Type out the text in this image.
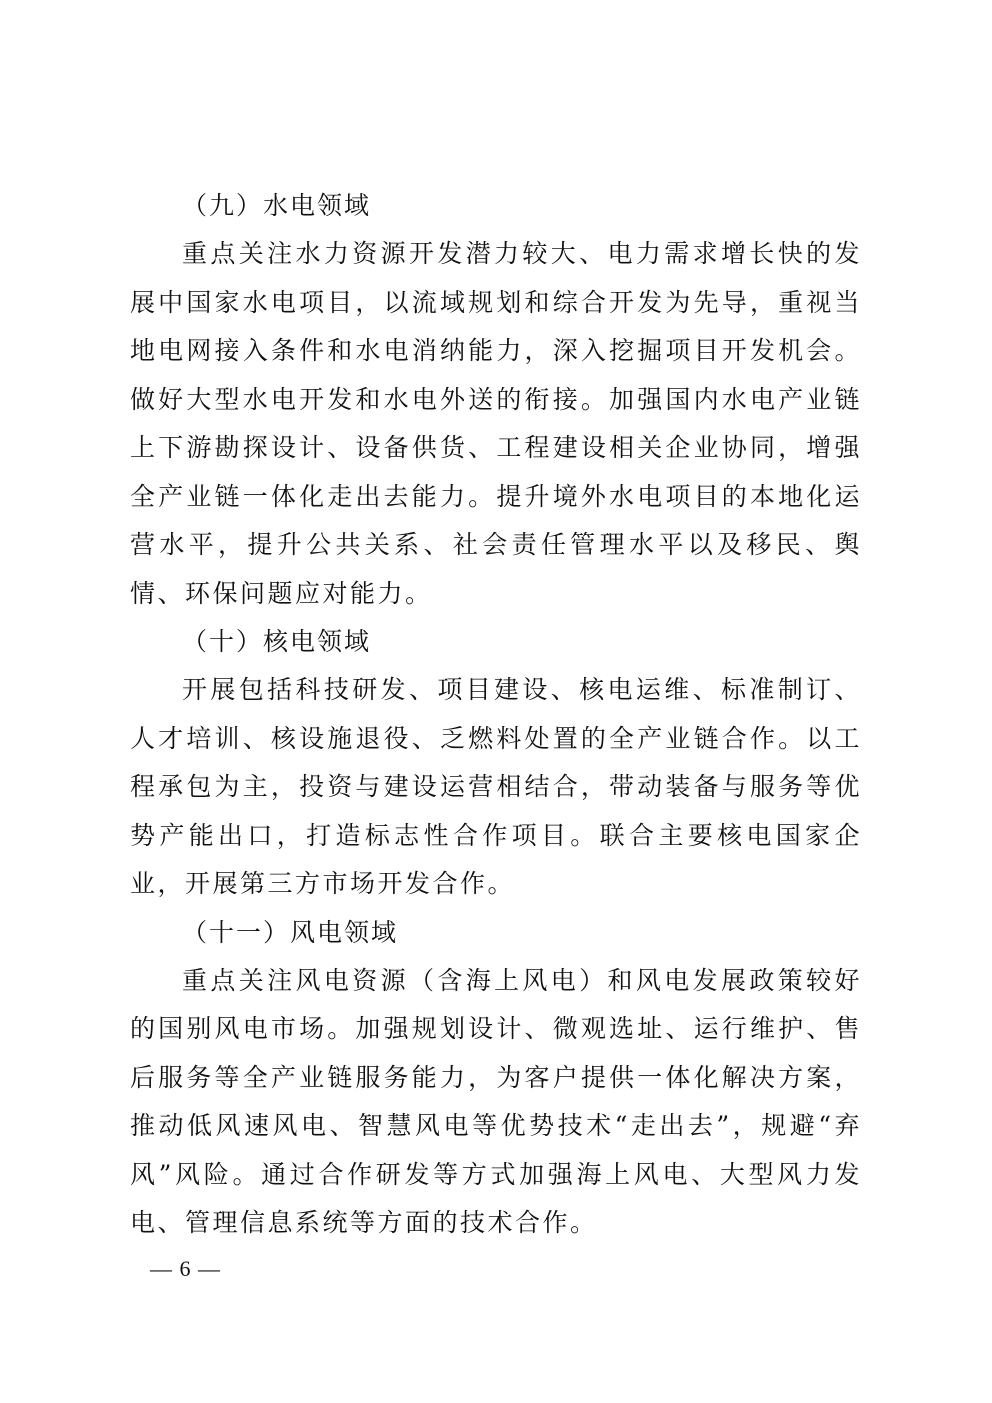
（九）水电领域

重点关注水力资源开发潜力较大、电力需求增长快的发展中国家水电项目，以流域规划和综合开发为先导，重视当地电网接入条件和水电消纳能力，深入挖掘项目开发机会。做好大型水电开发和水电外送的衔接。加强国内水电产业链上下游勘探设计、设备供货、工程建设相关企业协同，增强全产业链一体化走出去能力。提升境外水电项目的本地化运营水平，提升公共关系、社会责任管理水平以及移民、舆情、环保问题应对能力。

（十）核电领域

开展包括科技研发、项目建设、核电运维、标准制订、人才培训、核设施退役、乏燃料处置的全产业链合作。以工程承包为主，投资与建设运营相结合，带动装备与服务等优势产能出口，打造标志性合作项目。联合主要核电国家企业，开展第三方市场开发合作。

（十一）风电领域

重点关注风电资源（含海上风电）和风电发展政策较好的国别风电市场。加强规划设计、微观选址、运行维护、售后服务等全产业链服务能力，为客户提供一体化解决方案，推动低风速风电、智慧风电等优势技术“走出去”，规避“弃风”风险。通过合作研发等方式加强海上风电、大型风力发电、管理信息系统等方面的技术合作。

— 6 —
